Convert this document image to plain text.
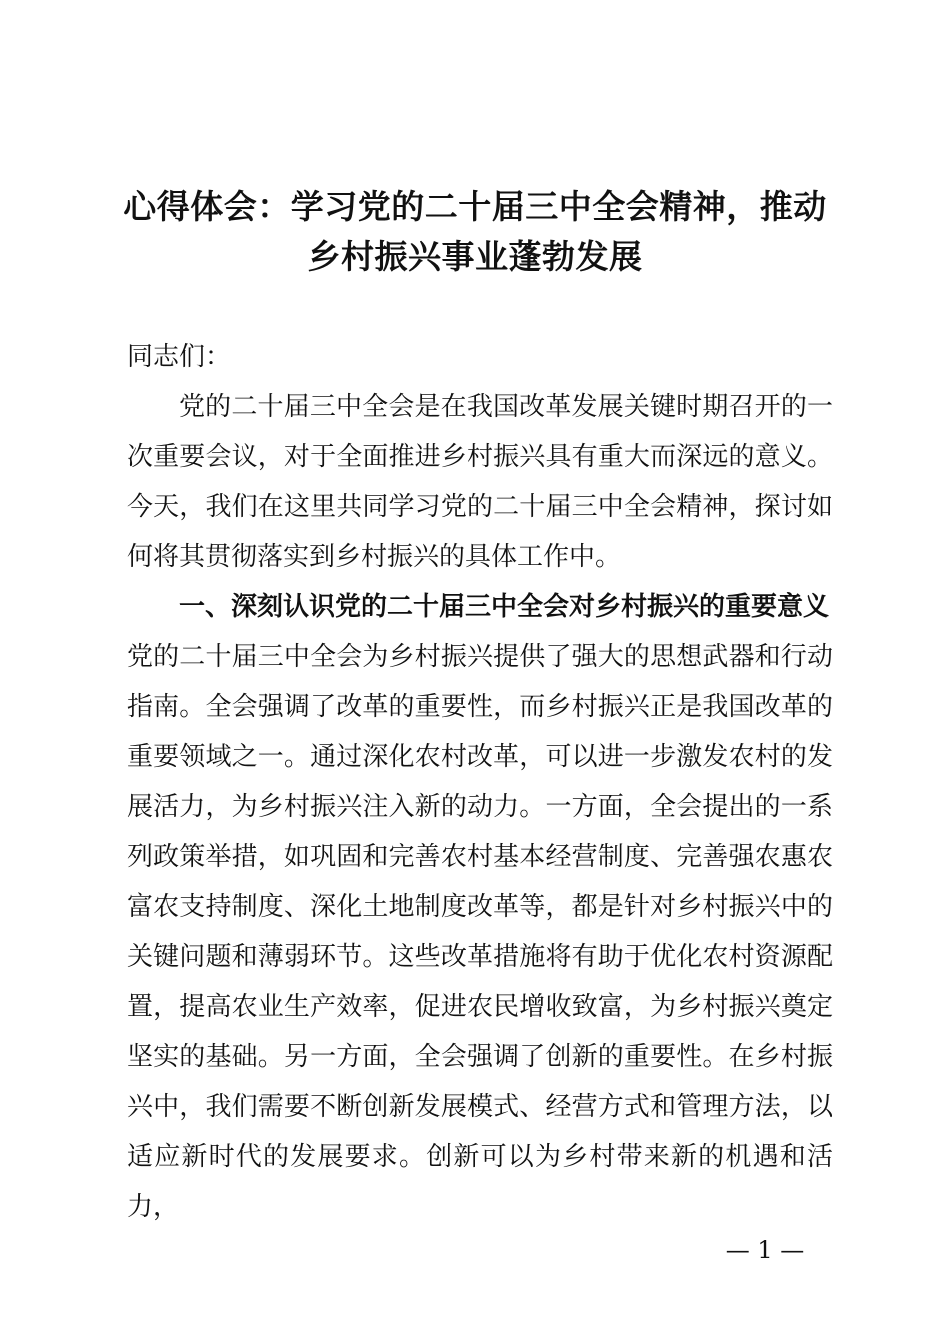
心得体会：学习党的二十届三中全会精神，推动乡村振兴事业蓬勃发展

同志们：

党的二十届三中全会是在我国改革发展关键时期召开的一次重要会议，对于全面推进乡村振兴具有重大而深远的意义。今天，我们在这里共同学习党的二十届三中全会精神，探讨如何将其贯彻落实到乡村振兴的具体工作中。

一、深刻认识党的二十届三中全会对乡村振兴的重要意义

党的二十届三中全会为乡村振兴提供了强大的思想武器和行动指南。全会强调了改革的重要性，而乡村振兴正是我国改革的重要领域之一。通过深化农村改革，可以进一步激发农村的发展活力，为乡村振兴注入新的动力。一方面，全会提出的一系列政策举措，如巩固和完善农村基本经营制度、完善强农惠农富农支持制度、深化土地制度改革等，都是针对乡村振兴中的关键问题和薄弱环节。这些改革措施将有助于优化农村资源配置，提高农业生产效率，促进农民增收致富，为乡村振兴奠定坚实的基础。另一方面，全会强调了创新的重要性。在乡村振兴中，我们需要不断创新发展模式、经营方式和管理方法，以适应新时代的发展要求。创新可以为乡村带来新的机遇和活力，

— 1 —
